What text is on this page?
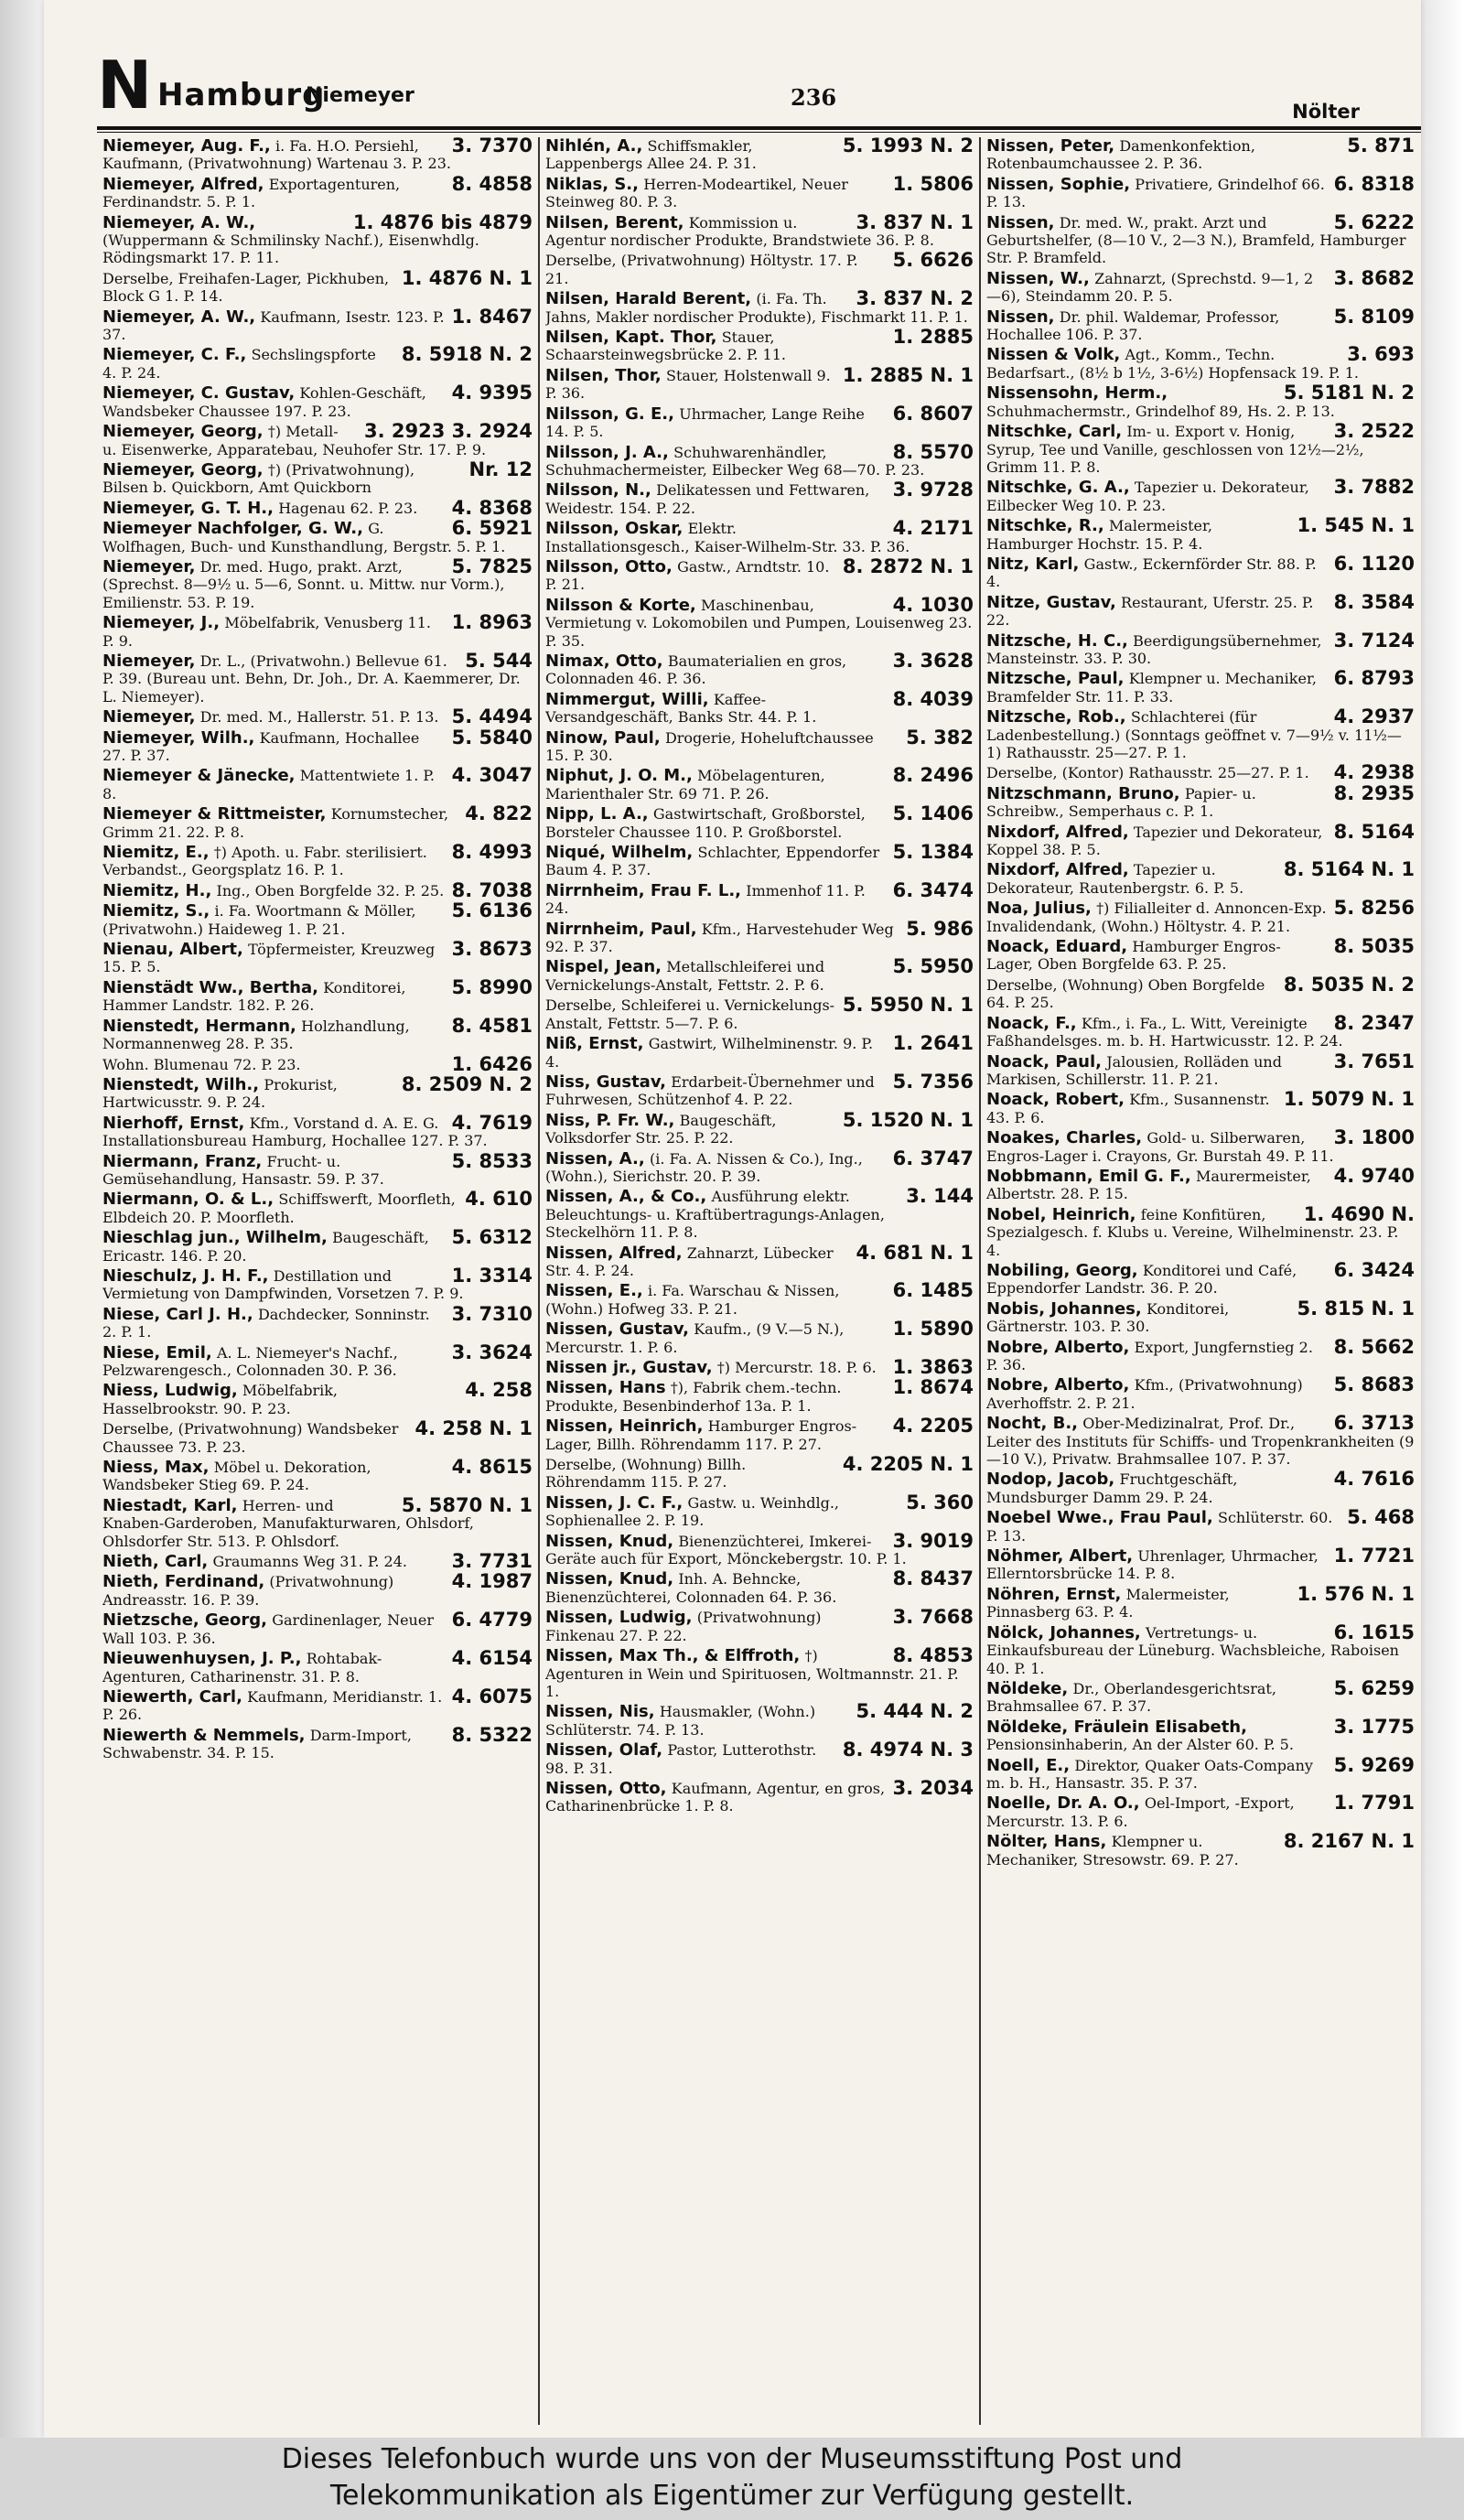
N Hamburg
Niemeyer	236
Nölter
3. 7370
Niemeyer, Aug. F., i. Fa. H.O. Persiehl, Kaufmann, (Privatwohnung) Wartenau 3. P. 23.
8. 4858
Niemeyer, Alfred, Exportagenturen, Ferdinandstr. 5. P. 1.
1. 4876 bis 4879
Niemeyer, A. W., (Wuppermann & Schmilinsky Nachf.), Eisenwhdlg. Rödingsmarkt 17. P. 11.
1. 4876 N. 1
Derselbe, Freihafen-Lager, Pickhuben, Block G 1. P. 14.
1. 8467
Niemeyer, A. W., Kaufmann, Isestr. 123. P. 37.
8. 5918 N. 2
Niemeyer, C. F., Sechslingspforte 4. P. 24.
4. 9395
Niemeyer, C. Gustav, Kohlen-Geschäft, Wandsbeker Chaussee 197. P. 23.
3. 2923 3. 2924
Niemeyer, Georg, †) Metall- u. Eisenwerke, Apparatebau, Neuhofer Str. 17. P. 9.
Nr. 12
Niemeyer, Georg, †) (Privatwohnung), Bilsen b. Quickborn, Amt Quickborn
4. 8368
Niemeyer, G. T. H., Hagenau 62. P. 23.
6. 5921
Niemeyer Nachfolger, G. W., G. Wolfhagen, Buch- und Kunsthandlung, Bergstr. 5. P. 1.
5. 7825
Niemeyer, Dr. med. Hugo, prakt. Arzt, (Sprechst. 8—9½ u. 5—6, Sonnt. u. Mittw. nur Vorm.), Emilienstr. 53. P. 19.
1. 8963
Niemeyer, J., Möbelfabrik, Venusberg 11. P. 9.
5. 544
Niemeyer, Dr. L., (Privatwohn.) Bellevue 61. P. 39. (Bureau unt. Behn, Dr. Joh., Dr. A. Kaemmerer, Dr. L. Niemeyer).
5. 4494
Niemeyer, Dr. med. M., Hallerstr. 51. P. 13.
5. 5840
Niemeyer, Wilh., Kaufmann, Hochallee 27. P. 37.
4. 3047
Niemeyer & Jänecke, Mattentwiete 1. P. 8.
4. 822
Niemeyer & Rittmeister, Kornumstecher, Grimm 21. 22. P. 8.
8. 4993
Niemitz, E., †) Apoth. u. Fabr. sterilisiert. Verbandst., Georgsplatz 16. P. 1.
8. 7038
Niemitz, H., Ing., Oben Borgfelde 32. P. 25.
5. 6136
Niemitz, S., i. Fa. Woortmann & Möller, (Privatwohn.) Haideweg 1. P. 21.
3. 8673
Nienau, Albert, Töpfermeister, Kreuzweg 15. P. 5.
5. 8990
Nienstädt Ww., Bertha, Konditorei, Hammer Landstr. 182. P. 26.
8. 4581
Nienstedt, Hermann, Holzhandlung, Normannenweg 28. P. 35.
1. 6426
Wohn. Blumenau 72. P. 23.
8. 2509 N. 2
Nienstedt, Wilh., Prokurist, Hartwicusstr. 9. P. 24.
4. 7619
Nierhoff, Ernst, Kfm., Vorstand d. A. E. G. Installationsbureau Hamburg, Hochallee 127. P. 37.
5. 8533
Niermann, Franz, Frucht- u. Gemüsehandlung, Hansastr. 59. P. 37.
4. 610
Niermann, O. & L., Schiffswerft, Moorfleth, Elbdeich 20. P. Moorfleth.
5. 6312
Nieschlag jun., Wilhelm, Baugeschäft, Ericastr. 146. P. 20.
1. 3314
Nieschulz, J. H. F., Destillation und Vermietung von Dampfwinden, Vorsetzen 7. P. 9.
3. 7310
Niese, Carl J. H., Dachdecker, Sonninstr. 2. P. 1.
3. 3624
Niese, Emil, A. L. Niemeyer's Nachf., Pelzwarengesch., Colonnaden 30. P. 36.
4. 258
Niess, Ludwig, Möbelfabrik, Hasselbrookstr. 90. P. 23.
4. 258 N. 1
Derselbe, (Privatwohnung) Wandsbeker Chaussee 73. P. 23.
4. 8615
Niess, Max, Möbel u. Dekoration, Wandsbeker Stieg 69. P. 24.
5. 5870 N. 1
Niestadt, Karl, Herren- und Knaben-Garderoben, Manufakturwaren, Ohlsdorf, Ohlsdorfer Str. 513. P. Ohlsdorf.
3. 7731
Nieth, Carl, Graumanns Weg 31. P. 24.
4. 1987
Nieth, Ferdinand, (Privatwohnung) Andreasstr. 16. P. 39.
6. 4779
Nietzsche, Georg, Gardinenlager, Neuer Wall 103. P. 36.
4. 6154
Nieuwenhuysen, J. P., Rohtabak-Agenturen, Catharinenstr. 31. P. 8.
4. 6075
Niewerth, Carl, Kaufmann, Meridianstr. 1. P. 26.
8. 5322
Niewerth & Nemmels, Darm-Import, Schwabenstr. 34. P. 15.
5. 1993 N. 2
Nihlén, A., Schiffsmakler, Lappenbergs Allee 24. P. 31.
1. 5806
Niklas, S., Herren-Modeartikel, Neuer Steinweg 80. P. 3.
3. 837 N. 1
Nilsen, Berent, Kommission u. Agentur nordischer Produkte, Brandstwiete 36. P. 8.
5. 6626
Derselbe, (Privatwohnung) Höltystr. 17. P. 21.
3. 837 N. 2
Nilsen, Harald Berent, (i. Fa. Th. Jahns, Makler nordischer Produkte), Fischmarkt 11. P. 1.
1. 2885
Nilsen, Kapt. Thor, Stauer, Schaarsteinwegsbrücke 2. P. 11.
1. 2885 N. 1
Nilsen, Thor, Stauer, Holstenwall 9. P. 36.
6. 8607
Nilsson, G. E., Uhrmacher, Lange Reihe 14. P. 5.
8. 5570
Nilsson, J. A., Schuhwarenhändler, Schuhmachermeister, Eilbecker Weg 68—70. P. 23.
3. 9728
Nilsson, N., Delikatessen und Fettwaren, Weidestr. 154. P. 22.
4. 2171
Nilsson, Oskar, Elektr. Installationsgesch., Kaiser-Wilhelm-Str. 33. P. 36.
8. 2872 N. 1
Nilsson, Otto, Gastw., Arndtstr. 10. P. 21.
4. 1030
Nilsson & Korte, Maschinenbau, Vermietung v. Lokomobilen und Pumpen, Louisenweg 23. P. 35.
3. 3628
Nimax, Otto, Baumaterialien en gros, Colonnaden 46. P. 36.
8. 4039
Nimmergut, Willi, Kaffee-Versandgeschäft, Banks Str. 44. P. 1.
5. 382
Ninow, Paul, Drogerie, Hoheluftchaussee 15. P. 30.
8. 2496
Niphut, J. O. M., Möbelagenturen, Marienthaler Str. 69 71. P. 26.
5. 1406
Nipp, L. A., Gastwirtschaft, Großborstel, Borsteler Chaussee 110. P. Großborstel.
5. 1384
Niqué, Wilhelm, Schlachter, Eppendorfer Baum 4. P. 37.
6. 3474
Nirrnheim, Frau F. L., Immenhof 11. P. 24.
5. 986
Nirrnheim, Paul, Kfm., Harvestehuder Weg 92. P. 37.
5. 5950
Nispel, Jean, Metallschleiferei und Vernickelungs-Anstalt, Fettstr. 2. P. 6.
5. 5950 N. 1
Derselbe, Schleiferei u. Vernickelungs-Anstalt, Fettstr. 5—7. P. 6.
1. 2641
Niß, Ernst, Gastwirt, Wilhelminenstr. 9. P. 4.
5. 7356
Niss, Gustav, Erdarbeit-Übernehmer und Fuhrwesen, Schützenhof 4. P. 22.
5. 1520 N. 1
Niss, P. Fr. W., Baugeschäft, Volksdorfer Str. 25. P. 22.
6. 3747
Nissen, A., (i. Fa. A. Nissen & Co.), Ing., (Wohn.), Sierichstr. 20. P. 39.
3. 144
Nissen, A., & Co., Ausführung elektr. Beleuchtungs- u. Kraftübertragungs-Anlagen, Steckelhörn 11. P. 8.
4. 681 N. 1
Nissen, Alfred, Zahnarzt, Lübecker Str. 4. P. 24.
6. 1485
Nissen, E., i. Fa. Warschau & Nissen, (Wohn.) Hofweg 33. P. 21.
1. 5890
Nissen, Gustav, Kaufm., (9 V.—5 N.), Mercurstr. 1. P. 6.
1. 3863
Nissen jr., Gustav, †) Mercurstr. 18. P. 6.
1. 8674
Nissen, Hans †), Fabrik chem.-techn. Produkte, Besenbinderhof 13a. P. 1.
4. 2205
Nissen, Heinrich, Hamburger Engros-Lager, Billh. Röhrendamm 117. P. 27.
4. 2205 N. 1
Derselbe, (Wohnung) Billh. Röhrendamm 115. P. 27.
5. 360
Nissen, J. C. F., Gastw. u. Weinhdlg., Sophienallee 2. P. 19.
3. 9019
Nissen, Knud, Bienenzüchterei, Imkerei-Geräte auch für Export, Mönckebergstr. 10. P. 1.
8. 8437
Nissen, Knud, Inh. A. Behncke, Bienenzüchterei, Colonnaden 64. P. 36.
3. 7668
Nissen, Ludwig, (Privatwohnung) Finkenau 27. P. 22.
8. 4853
Nissen, Max Th., & Elffroth, †) Agenturen in Wein und Spirituosen, Woltmannstr. 21. P. 1.
5. 444 N. 2
Nissen, Nis, Hausmakler, (Wohn.) Schlüterstr. 74. P. 13.
8. 4974 N. 3
Nissen, Olaf, Pastor, Lutterothstr. 98. P. 31.
3. 2034
Nissen, Otto, Kaufmann, Agentur, en gros, Catharinenbrücke 1. P. 8.
5. 871
Nissen, Peter, Damenkonfektion, Rotenbaumchaussee 2. P. 36.
6. 8318
Nissen, Sophie, Privatiere, Grindelhof 66. P. 13.
5. 6222
Nissen, Dr. med. W., prakt. Arzt und Geburtshelfer, (8—10 V., 2—3 N.), Bramfeld, Hamburger Str. P. Bramfeld.
3. 8682
Nissen, W., Zahnarzt, (Sprechstd. 9—1, 2—6), Steindamm 20. P. 5.
5. 8109
Nissen, Dr. phil. Waldemar, Professor, Hochallee 106. P. 37.
3. 693
Nissen & Volk, Agt., Komm., Techn. Bedarfsart., (8½ b 1½, 3-6½) Hopfensack 19. P. 1.
5. 5181 N. 2
Nissensohn, Herm., Schuhmachermstr., Grindelhof 89, Hs. 2. P. 13.
3. 2522
Nitschke, Carl, Im- u. Export v. Honig, Syrup, Tee und Vanille, geschlossen von 12½—2½, Grimm 11. P. 8.
3. 7882
Nitschke, G. A., Tapezier u. Dekorateur, Eilbecker Weg 10. P. 23.
1. 545 N. 1
Nitschke, R., Malermeister, Hamburger Hochstr. 15. P. 4.
6. 1120
Nitz, Karl, Gastw., Eckernförder Str. 88. P. 4.
8. 3584
Nitze, Gustav, Restaurant, Uferstr. 25. P. 22.
3. 7124
Nitzsche, H. C., Beerdigungsübernehmer, Mansteinstr. 33. P. 30.
6. 8793
Nitzsche, Paul, Klempner u. Mechaniker, Bramfelder Str. 11. P. 33.
4. 2937
Nitzsche, Rob., Schlachterei (für Ladenbestellung.) (Sonntags geöffnet v. 7—9½ v. 11½—1) Rathausstr. 25—27. P. 1.
4. 2938
Derselbe, (Kontor) Rathausstr. 25—27. P. 1.
8. 2935
Nitzschmann, Bruno, Papier- u. Schreibw., Semperhaus c. P. 1.
8. 5164
Nixdorf, Alfred, Tapezier und Dekorateur, Koppel 38. P. 5.
8. 5164 N. 1
Nixdorf, Alfred, Tapezier u. Dekorateur, Rautenbergstr. 6. P. 5.
5. 8256
Noa, Julius, †) Filialleiter d. Annoncen-Exp. Invalidendank, (Wohn.) Höltystr. 4. P. 21.
8. 5035
Noack, Eduard, Hamburger Engros-Lager, Oben Borgfelde 63. P. 25.
8. 5035 N. 2
Derselbe, (Wohnung) Oben Borgfelde 64. P. 25.
8. 2347
Noack, F., Kfm., i. Fa., L. Witt, Vereinigte Faßhandelsges. m. b. H. Hartwicusstr. 12. P. 24.
3. 7651
Noack, Paul, Jalousien, Rolläden und Markisen, Schillerstr. 11. P. 21.
1. 5079 N. 1
Noack, Robert, Kfm., Susannenstr. 43. P. 6.
3. 1800
Noakes, Charles, Gold- u. Silberwaren, Engros-Lager i. Crayons, Gr. Burstah 49. P. 11.
4. 9740
Nobbmann, Emil G. F., Maurermeister, Albertstr. 28. P. 15.
1. 4690 N.
Nobel, Heinrich, feine Konfitüren, Spezialgesch. f. Klubs u. Vereine, Wilhelminenstr. 23. P. 4.
6. 3424
Nobiling, Georg, Konditorei und Café, Eppendorfer Landstr. 36. P. 20.
5. 815 N. 1
Nobis, Johannes, Konditorei, Gärtnerstr. 103. P. 30.
8. 5662
Nobre, Alberto, Export, Jungfernstieg 2. P. 36.
5. 8683
Nobre, Alberto, Kfm., (Privatwohnung) Averhoffstr. 2. P. 21.
6. 3713
Nocht, B., Ober-Medizinalrat, Prof. Dr., Leiter des Instituts für Schiffs- und Tropenkrankheiten (9—10 V.), Privatw. Brahmsallee 107. P. 37.
4. 7616
Nodop, Jacob, Fruchtgeschäft, Mundsburger Damm 29. P. 24.
5. 468
Noebel Wwe., Frau Paul, Schlüterstr. 60. P. 13.
1. 7721
Nöhmer, Albert, Uhrenlager, Uhrmacher, Ellerntorsbrücke 14. P. 8.
1. 576 N. 1
Nöhren, Ernst, Malermeister, Pinnasberg 63. P. 4.
6. 1615
Nölck, Johannes, Vertretungs- u. Einkaufsbureau der Lüneburg. Wachsbleiche, Raboisen 40. P. 1.
5. 6259
Nöldeke, Dr., Oberlandesgerichtsrat, Brahmsallee 67. P. 37.
3. 1775
Nöldeke, Fräulein Elisabeth, Pensionsinhaberin, An der Alster 60. P. 5.
5. 9269
Noell, E., Direktor, Quaker Oats-Company m. b. H., Hansastr. 35. P. 37.
1. 7791
Noelle, Dr. A. O., Oel-Import, -Export, Mercurstr. 13. P. 6.
8. 2167 N. 1
Nölter, Hans, Klempner u. Mechaniker, Stresowstr. 69. P. 27.
Dieses Telefonbuch wurde uns von der Museumsstiftung Post und
Telekommunikation als Eigentümer zur Verfügung gestellt.
